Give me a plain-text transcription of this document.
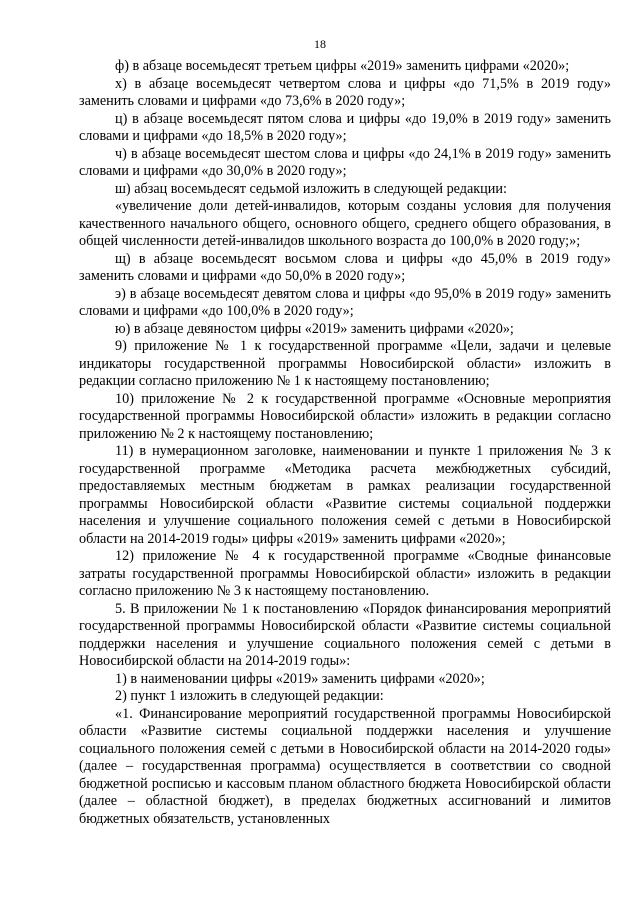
18

ф) в абзаце восемьдесят третьем цифры «2019» заменить цифрами «2020»;

х) в абзаце восемьдесят четвертом слова и цифры «до 71,5% в 2019 году» заменить словами и цифрами «до 73,6% в 2020 году»;

ц) в абзаце восемьдесят пятом слова и цифры «до 19,0% в 2019 году» заменить словами и цифрами «до 18,5% в 2020 году»;

ч) в абзаце восемьдесят шестом слова и цифры «до 24,1% в 2019 году» заменить словами и цифрами «до 30,0% в 2020 году»;

ш) абзац восемьдесят седьмой изложить в следующей редакции:

«увеличение доли детей-инвалидов, которым созданы условия для получения качественного начального общего, основного общего, среднего общего образования, в общей численности детей-инвалидов школьного возраста до 100,0% в 2020 году;»;

щ) в абзаце восемьдесят восьмом слова и цифры «до 45,0% в 2019 году» заменить словами и цифрами «до 50,0% в 2020 году»;

э) в абзаце восемьдесят девятом слова и цифры «до 95,0% в 2019 году» заменить словами и цифрами «до 100,0% в 2020 году»;

ю) в абзаце девяностом цифры «2019» заменить цифрами «2020»;

9) приложение № 1 к государственной программе «Цели, задачи и целевые индикаторы государственной программы Новосибирской области» изложить в редакции согласно приложению № 1 к настоящему постановлению;

10) приложение № 2 к государственной программе «Основные мероприятия государственной программы Новосибирской области» изложить в редакции согласно приложению № 2 к настоящему постановлению;

11) в нумерационном заголовке, наименовании и пункте 1 приложения № 3 к государственной программе «Методика расчета межбюджетных субсидий, предоставляемых местным бюджетам в рамках реализации государственной программы Новосибирской области «Развитие системы социальной поддержки населения и улучшение социального положения семей с детьми в Новосибирской области на 2014-2019 годы» цифры «2019» заменить цифрами «2020»;

12) приложение № 4 к государственной программе «Сводные финансовые затраты государственной программы Новосибирской области» изложить в редакции согласно приложению № 3 к настоящему постановлению.

5. В приложении № 1 к постановлению «Порядок финансирования мероприятий государственной программы Новосибирской области «Развитие системы социальной поддержки населения и улучшение социального положения семей с детьми в Новосибирской области на 2014-2019 годы»:

1) в наименовании цифры «2019» заменить цифрами «2020»;

2) пункт 1 изложить в следующей редакции:

«1. Финансирование мероприятий государственной программы Новосибирской области «Развитие системы социальной поддержки населения и улучшение социального положения семей с детьми в Новосибирской области на 2014-2020 годы» (далее – государственная программа) осуществляется в соответствии со сводной бюджетной росписью и кассовым планом областного бюджета Новосибирской области (далее – областной бюджет), в пределах бюджетных ассигнований и лимитов бюджетных обязательств, установленных
